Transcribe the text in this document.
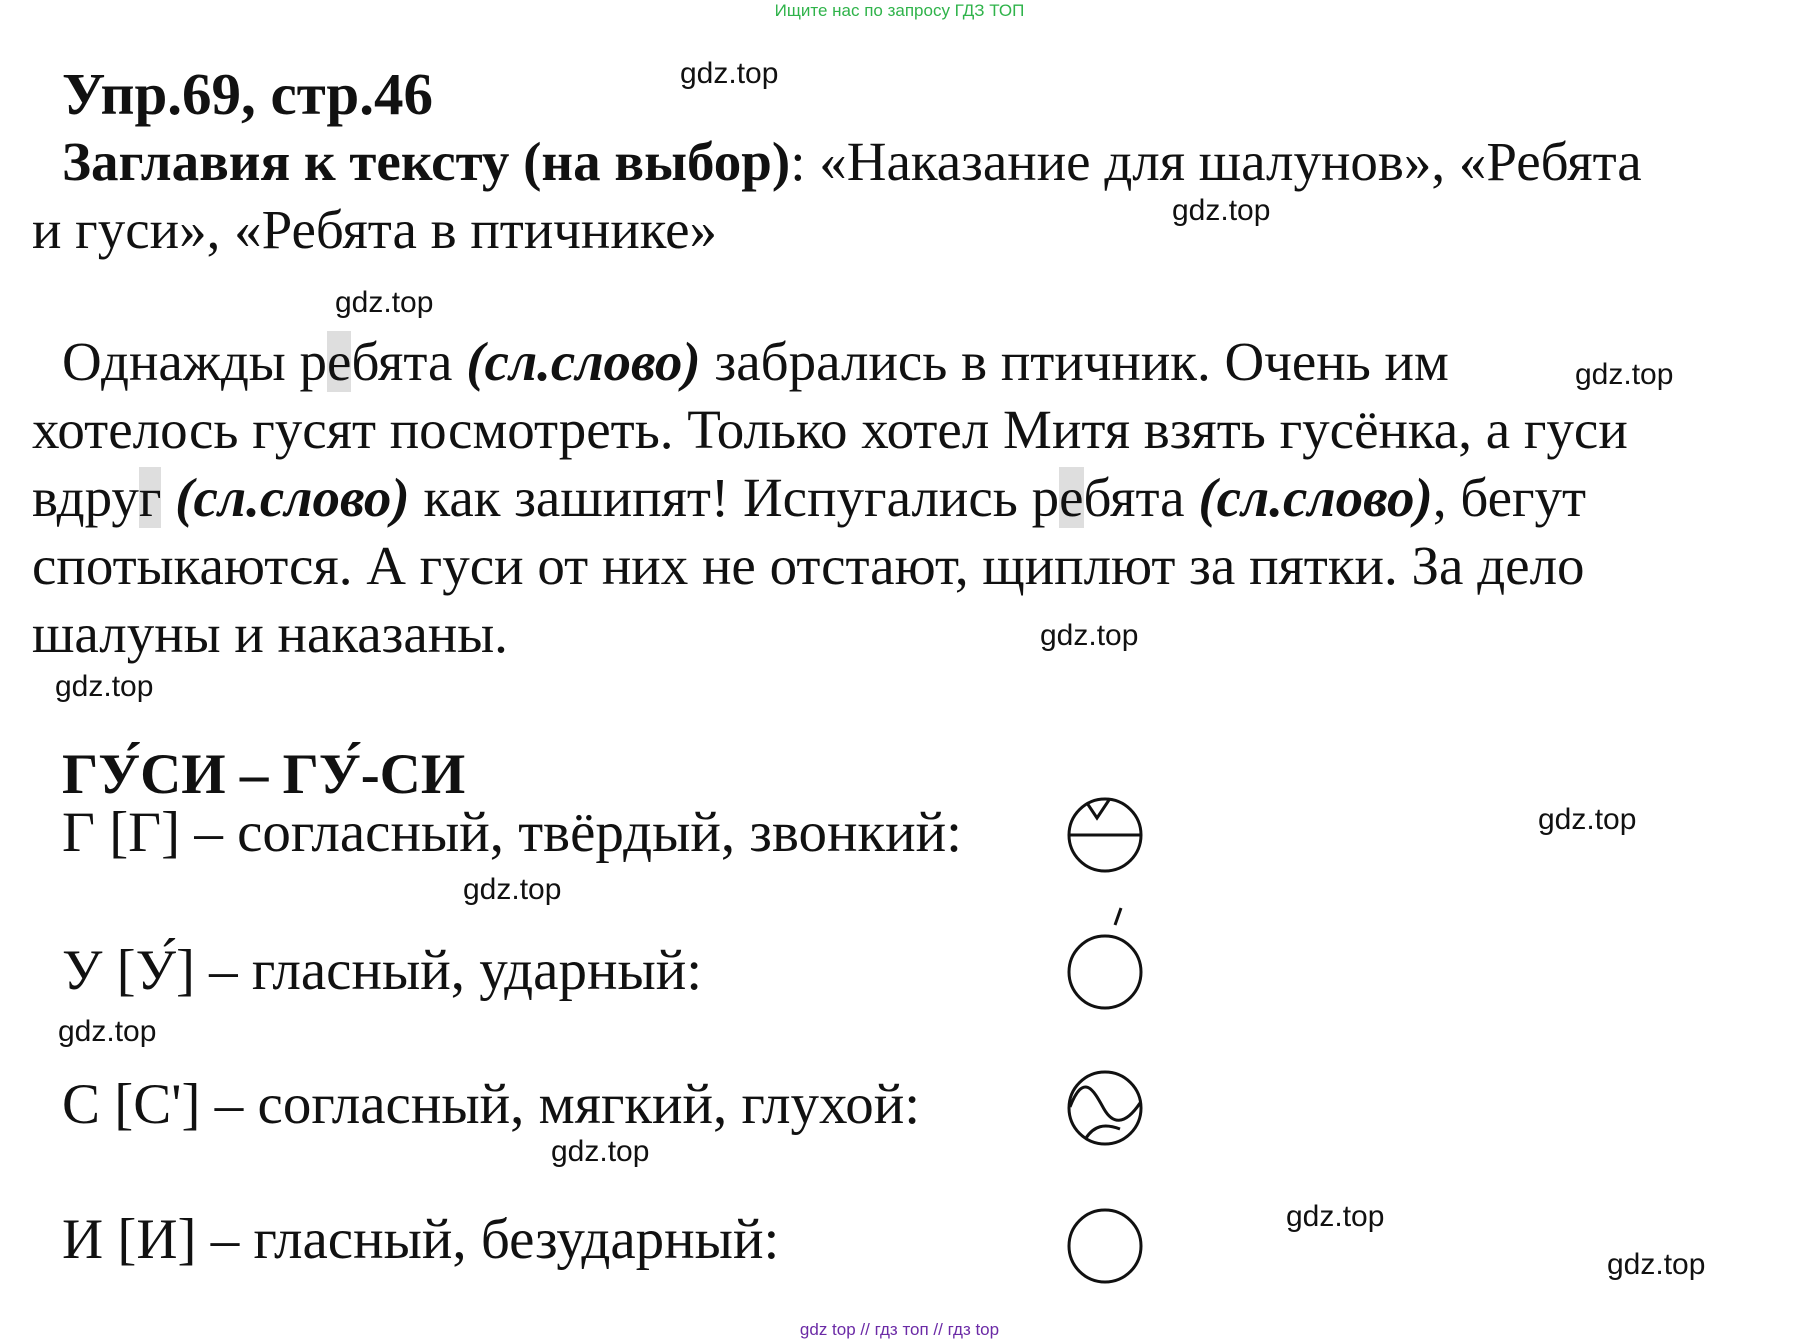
Ищите нас по запросу ГДЗ ТОП
Упр.69, стр.46
Заглавия к тексту (на выбор): «Наказание для шалунов», «Ребята
и гуси», «Ребята в птичнике»
Однажды ребята (сл.слово) забрались в птичник. Очень им
хотелось гусят посмотреть. Только хотел Митя взять гусёнка, а гуси
вдруг (сл.слово) как зашипят! Испугались ребята (сл.слово), бегут
спотыкаются. А гуси от них не отстают, щиплют за пятки. За дело
шалуны и наказаны.
ГУ́СИ – ГУ́-СИ
Г [Г] – согласный, твёрдый, звонкий:
У [У́] – гласный, ударный:
С [С'] – согласный, мягкий, глухой:
И [И] – гласный, безударный:
gdz.top
gdz.top
gdz.top
gdz.top
gdz.top
gdz.top
gdz.top
gdz.top
gdz.top
gdz.top
gdz.top
gdz.top
gdz top // гдз топ // гдз top
